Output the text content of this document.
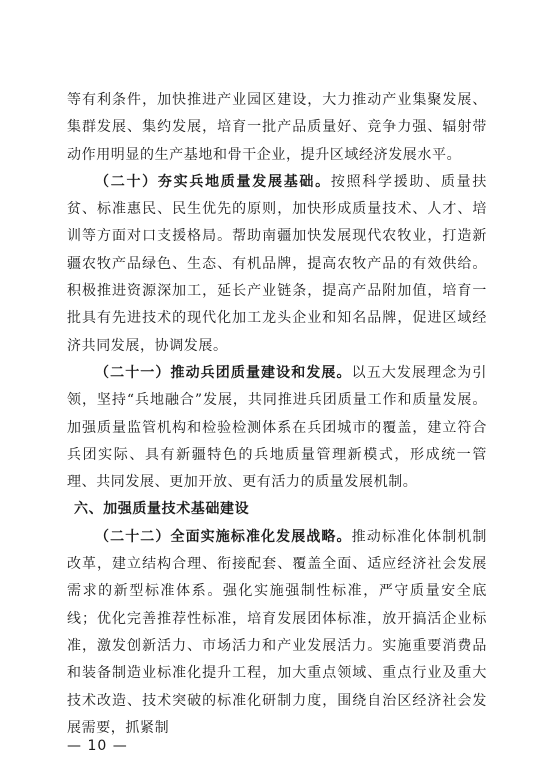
等有利条件，加快推进产业园区建设，大力推动产业集聚发展、集群发展、集约发展，培育一批产品质量好、竞争力强、辐射带动作用明显的生产基地和骨干企业，提升区域经济发展水平。

（二十）夯实兵地质量发展基础。按照科学援助、质量扶贫、标准惠民、民生优先的原则，加快形成质量技术、人才、培训等方面对口支援格局。帮助南疆加快发展现代农牧业，打造新疆农牧产品绿色、生态、有机品牌，提高农牧产品的有效供给。积极推进资源深加工，延长产业链条，提高产品附加值，培育一批具有先进技术的现代化加工龙头企业和知名品牌，促进区域经济共同发展，协调发展。

（二十一）推动兵团质量建设和发展。以五大发展理念为引领，坚持“兵地融合”发展，共同推进兵团质量工作和质量发展。加强质量监管机构和检验检测体系在兵团城市的覆盖，建立符合兵团实际、具有新疆特色的兵地质量管理新模式，形成统一管理、共同发展、更加开放、更有活力的质量发展机制。

六、加强质量技术基础建设

（二十二）全面实施标准化发展战略。推动标准化体制机制改革，建立结构合理、衔接配套、覆盖全面、适应经济社会发展需求的新型标准体系。强化实施强制性标准，严守质量安全底线；优化完善推荐性标准，培育发展团体标准，放开搞活企业标准，激发创新活力、市场活力和产业发展活力。实施重要消费品和装备制造业标准化提升工程，加大重点领域、重点行业及重大技术改造、技术突破的标准化研制力度，围绕自治区经济社会发展需要，抓紧制

— 10 —
